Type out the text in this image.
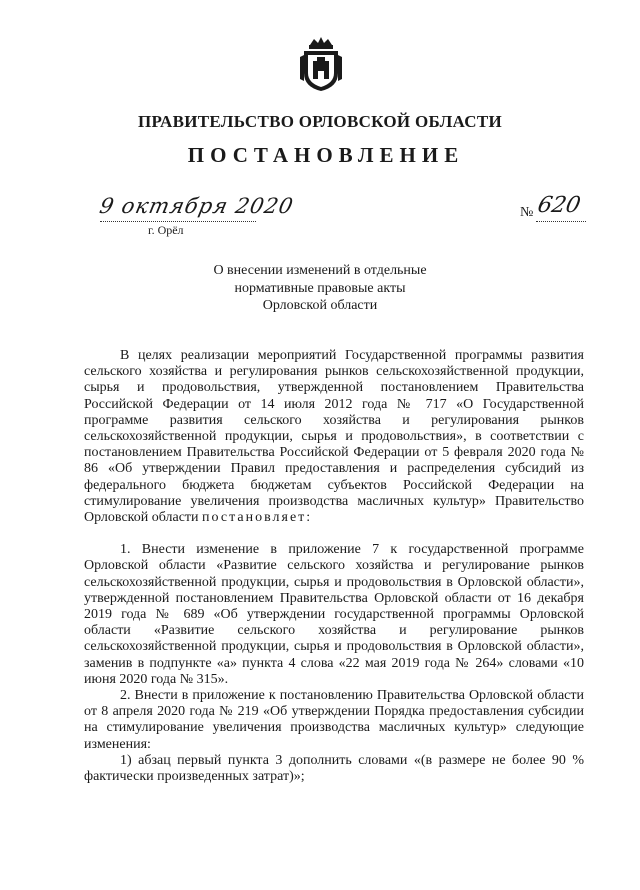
ПРАВИТЕЛЬСТВО ОРЛОВСКОЙ ОБЛАСТИ
ПОСТАНОВЛЕНИЕ
9 октября 2020
г. Орёл
№ 620
О внесении изменений в отдельные
нормативные правовые акты
Орловской области

В целях реализации мероприятий Государственной программы развития сельского хозяйства и регулирования рынков сельскохозяйственной продукции, сырья и продовольствия, утвержденной постановлением Правительства Российской Федерации от 14 июля 2012 года № 717 «О Государственной программе развития сельского хозяйства и регулирования рынков сельскохозяйственной продукции, сырья и продовольствия», в соответствии с постановлением Правительства Российской Федерации от 5 февраля 2020 года № 86 «Об утверждении Правил предоставления и распределения субсидий из федерального бюджета бюджетам субъектов Российской Федерации на стимулирование увеличения производства масличных культур» Правительство Орловской области постановляет:

1. Внести изменение в приложение 7 к государственной программе Орловской области «Развитие сельского хозяйства и регулирование рынков сельскохозяйственной продукции, сырья и продовольствия в Орловской области», утвержденной постановлением Правительства Орловской области от 16 декабря 2019 года № 689 «Об утверждении государственной программы Орловской области «Развитие сельского хозяйства и регулирование рынков сельскохозяйственной продукции, сырья и продовольствия в Орловской области», заменив в подпункте «а» пункта 4 слова «22 мая 2019 года № 264» словами «10 июня 2020 года № 315».

2. Внести в приложение к постановлению Правительства Орловской области от 8 апреля 2020 года № 219 «Об утверждении Порядка предоставления субсидии на стимулирование увеличения производства масличных культур» следующие изменения:

1) абзац первый пункта 3 дополнить словами «(в размере не более 90 % фактически произведенных затрат)»;
